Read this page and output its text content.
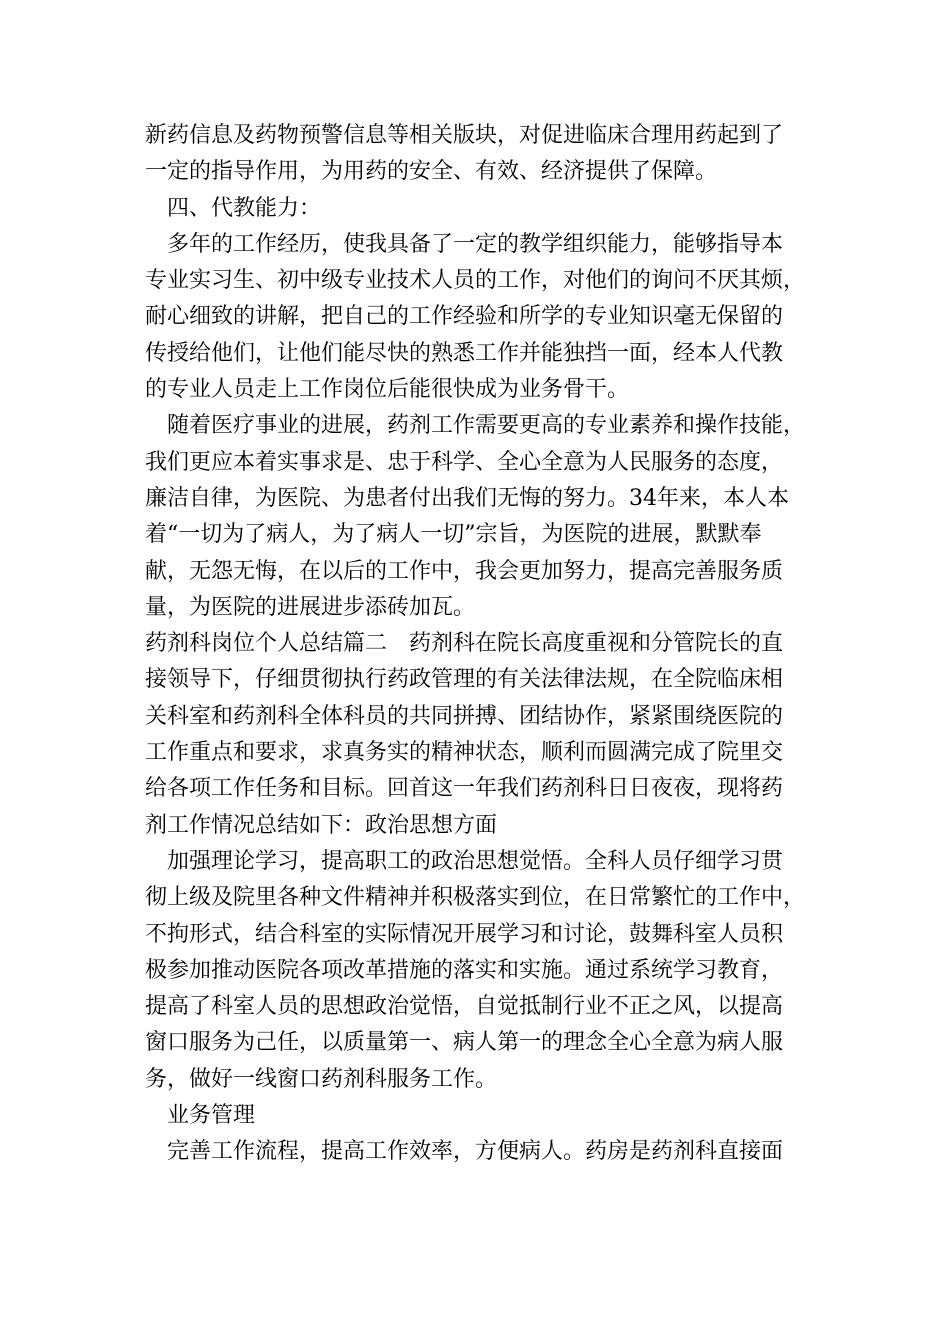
新药信息及药物预警信息等相关版块，对促进临床合理用药起到了
一定的指导作用，为用药的安全、有效、经济提供了保障。
四、代教能力：
多年的工作经历，使我具备了一定的教学组织能力，能够指导本
专业实习生、初中级专业技术人员的工作，对他们的询问不厌其烦，
耐心细致的讲解，把自己的工作经验和所学的专业知识毫无保留的
传授给他们，让他们能尽快的熟悉工作并能独挡一面，经本人代教
的专业人员走上工作岗位后能很快成为业务骨干。
随着医疗事业的进展，药剂工作需要更高的专业素养和操作技能，
我们更应本着实事求是、忠于科学、全心全意为人民服务的态度，
廉洁自律，为医院、为患者付出我们无悔的努力。34年来，本人本
着“一切为了病人，为了病人一切”宗旨，为医院的进展，默默奉
献，无怨无悔，在以后的工作中，我会更加努力，提高完善服务质
量，为医院的进展进步添砖加瓦。
药剂科岗位个人总结篇二　药剂科在院长高度重视和分管院长的直
接领导下，仔细贯彻执行药政管理的有关法律法规，在全院临床相
关科室和药剂科全体科员的共同拼搏、团结协作，紧紧围绕医院的
工作重点和要求，求真务实的精神状态，顺利而圆满完成了院里交
给各项工作任务和目标。回首这一年我们药剂科日日夜夜，现将药
剂工作情况总结如下：政治思想方面
加强理论学习，提高职工的政治思想觉悟。全科人员仔细学习贯
彻上级及院里各种文件精神并积极落实到位，在日常繁忙的工作中，
不拘形式，结合科室的实际情况开展学习和讨论，鼓舞科室人员积
极参加推动医院各项改革措施的落实和实施。通过系统学习教育，
提高了科室人员的思想政治觉悟，自觉抵制行业不正之风，以提高
窗口服务为己任，以质量第一、病人第一的理念全心全意为病人服
务，做好一线窗口药剂科服务工作。
业务管理
完善工作流程，提高工作效率，方便病人。药房是药剂科直接面
